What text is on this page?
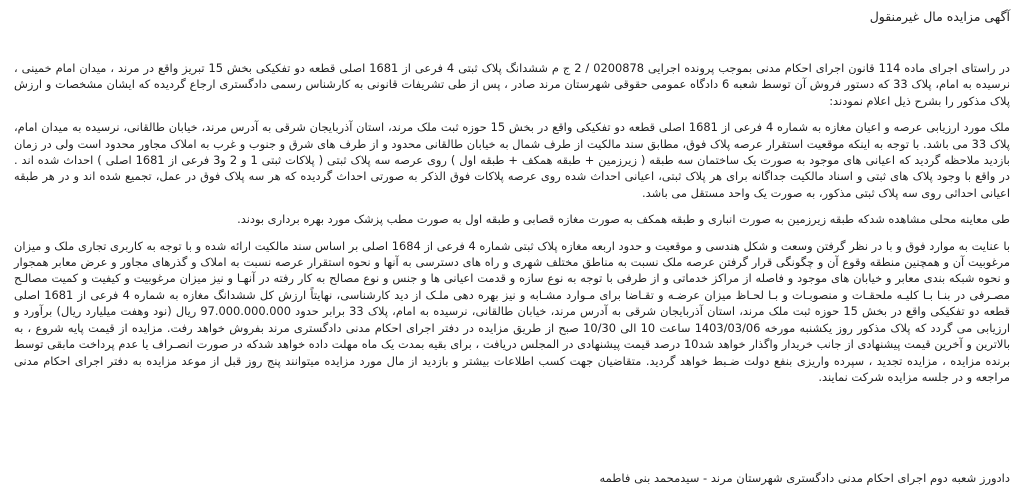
آگهی مزایده مال غیرمنقول

در راستای اجرای ماده 114 قانون اجرای احکام مدنی بموجب پرونده اجرایی 0200878 / 2 ج م ششدانگ پلاک ثبتی 4 فرعی از 1681 اصلی قطعه دو تفکیکی بخش 15 تبریز واقع در مرند ، میدان امام خمینی ، نرسیده به امام، پلاک 33 که دستور فروش آن توسط شعبه 6 دادگاه عمومی حقوقی شهرستان مرند صادر ، پس از طی تشریفات قانونی به کارشناس رسمی دادگستری ارجاع گردیده که ایشان مشخصات و ارزش پلاک مذکور را بشرح ذیل اعلام نمودند:

ملک مورد ارزیابی عرصه و اعیان مغازه به شماره 4 فرعی از 1681 اصلی قطعه دو تفکیکی واقع در بخش 15 حوزه ثبت ملک مرند، استان آذربایجان شرقی به آدرس مرند، خیابان طالقانی، نرسیده به میدان امام، پلاک 33 می باشد. با توجه به اینکه موقعیت استقرار عرصه پلاک فوق، مطابق سند مالکیت از طرف شمال به خیابان طالقانی محدود و از طرف های شرق و جنوب و غرب به املاک مجاور محدود است ولی در زمان بازدید ملاحظه گردید که اعیانی های موجود به صورت یک ساختمان سه طبقه ( زیرزمین + طبقه همکف + طبقه اول ) روی عرصه سه پلاک ثبتی ( پلاکات ثبتی 1 و 2 و3 فرعی از 1681 اصلی ) احداث شده اند . در واقع با وجود پلاک های ثبتی و اسناد مالکیت جداگانه برای هر پلاک ثبتی، اعیانی احداث شده روی عرصه پلاکات فوق الذکر به صورتی احداث گردیده که هر سه پلاک فوق در عمل، تجمیع شده اند و در هر طبقه اعیانی احداثی روی سه پلاک ثبتی مذکور، به صورت یک واحد مستقل می باشد.

طی معاینه محلی مشاهده شدکه طبقه زیرزمین به صورت انباری و طبقه همکف به صورت مغازه قصابی و طبقه اول به صورت مطب پزشک مورد بهره برداری بودند.

با عنایت به موارد فوق و با در نظر گرفتن وسعت و شکل هندسی و موقعیت و حدود اربعه مغازه پلاک ثبتی شماره 4 فرعی از 1684 اصلی بر اساس سند مالکیت ارائه شده و با توجه به کاربری تجاری ملک و میزان مرغوبیت آن و همچنین منطقه وقوع آن و چگونگی قرار گرفتن عرصه ملک نسبت به مناطق مختلف شهری و راه های دسترسی به آنها و نحوه استقرار عرصه نسبت به املاک و گذرهای مجاور و عرض معابر همجوار و نحوه شبکه بندی معابر و خیابان های موجود و فاصله از مراکز خدماتی و از طرفی با توجه به نوع سازه و قدمت اعیانی ها و جنس و نوع مصالح به کار رفته در آنهـا و نیز میزان مرغوبیت و کیفیت و کمیت مصالـح مصـرفی در بنـا بـا کلیـه ملحقـات و منصوبـات و بـا لحـاظ میزان عرضـه و تقـاضا برای مـوارد مشـابه و نیز بهره دهی ملـک از دید کارشناسی، نهایتاً ارزش کل ششدانگ مغازه به شماره 4 فرعی از 1681 اصلی قطعه دو تفکیکی واقع در بخش 15 حوزه ثبت ملک مرند، استان آذربایجان شرقی به آدرس مرند، خیابان طالقانی، نرسیده به امام، پلاک 33 برابر حدود 97.000.000.000 ریال (نود وهفت میلیارد ریال) برآورد و ارزیابی می گردد که پلاک مذکور روز یکشنبه مورخه 1403/03/06 ساعت 10 الی 10/30 صبح از طریق مزایده در دفتر اجرای احکام مدنی دادگستری مرند بفروش خواهد رفت. مزایده از قیمت پایه شروع ، به بالاترین و آخرین قیمت پیشنهادی از جانب خریدار واگذار خواهد شد10 درصد قیمت پیشنهادی در المجلس دریافت ، برای بقیه بمدت یک ماه مهلت داده خواهد شدکه در صورت انصـراف یا عدم پرداخت مابقی توسط برنده مزایده ، مزایده تجدید ، سپرده واریزی بنفع دولت ضـبط خواهد گردید. متقاضیان جهت کسب اطلاعات بیشتر و بازدید از مال مورد مزایده میتوانند پنج روز قبل از موعد مزایده به دفتر اجرای احکام مدنی مراجعه و در جلسه مزایده شرکت نمایند.

دادورز شعبه دوم اجرای احکام مدنی دادگستری شهرستان مرند - سیدمحمد بنی فاطمه
